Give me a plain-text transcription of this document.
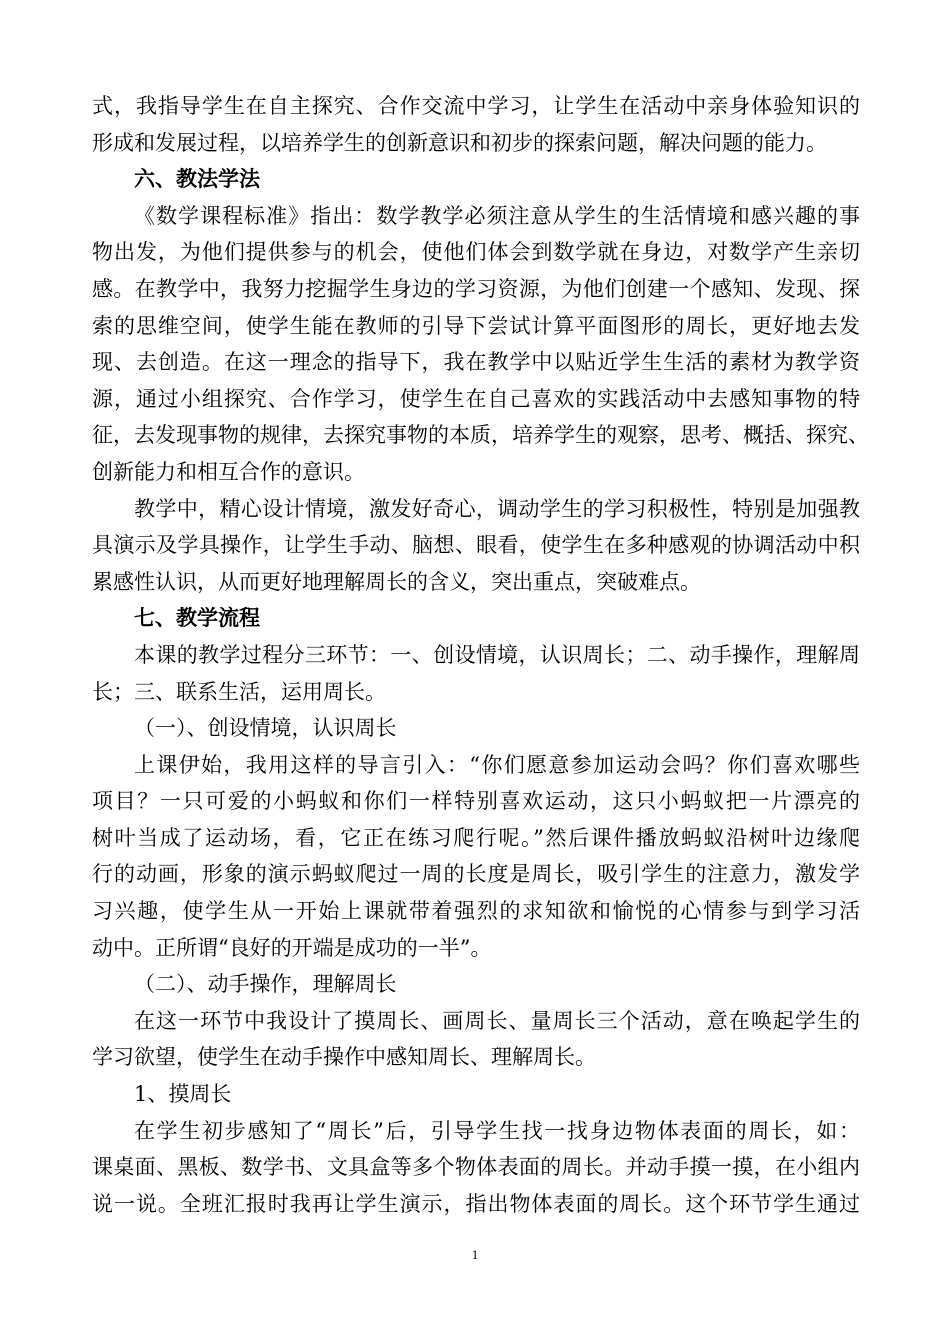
式，我指导学生在自主探究、合作交流中学习，让学生在活动中亲身体验知识的
形成和发展过程，以培养学生的创新意识和初步的探索问题，解决问题的能力。
六、教法学法
《数学课程标准》指出：数学教学必须注意从学生的生活情境和感兴趣的事
物出发，为他们提供参与的机会，使他们体会到数学就在身边，对数学产生亲切
感。在教学中，我努力挖掘学生身边的学习资源，为他们创建一个感知、发现、探
索的思维空间，使学生能在教师的引导下尝试计算平面图形的周长，更好地去发
现、去创造。在这一理念的指导下，我在教学中以贴近学生生活的素材为教学资
源，通过小组探究、合作学习，使学生在自己喜欢的实践活动中去感知事物的特
征，去发现事物的规律，去探究事物的本质，培养学生的观察，思考、概括、探究、
创新能力和相互合作的意识。
教学中，精心设计情境，激发好奇心，调动学生的学习积极性，特别是加强教
具演示及学具操作，让学生手动、脑想、眼看，使学生在多种感观的协调活动中积
累感性认识，从而更好地理解周长的含义，突出重点，突破难点。
七、教学流程
本课的教学过程分三环节：一、创设情境，认识周长；二、动手操作，理解周
长；三、联系生活，运用周长。
（一）、创设情境，认识周长
上课伊始，我用这样的导言引入：“你们愿意参加运动会吗？你们喜欢哪些
项目？一只可爱的小蚂蚁和你们一样特别喜欢运动，这只小蚂蚁把一片漂亮的
树叶当成了运动场，看，它正在练习爬行呢。”然后课件播放蚂蚁沿树叶边缘爬
行的动画，形象的演示蚂蚁爬过一周的长度是周长，吸引学生的注意力，激发学
习兴趣，使学生从一开始上课就带着强烈的求知欲和愉悦的心情参与到学习活
动中。正所谓“良好的开端是成功的一半”。
（二）、动手操作，理解周长
在这一环节中我设计了摸周长、画周长、量周长三个活动，意在唤起学生的
学习欲望，使学生在动手操作中感知周长、理解周长。
1、摸周长
在学生初步感知了“周长”后，引导学生找一找身边物体表面的周长，如：
课桌面、黑板、数学书、文具盒等多个物体表面的周长。并动手摸一摸，在小组内
说一说。全班汇报时我再让学生演示，指出物体表面的周长。这个环节学生通过
1
